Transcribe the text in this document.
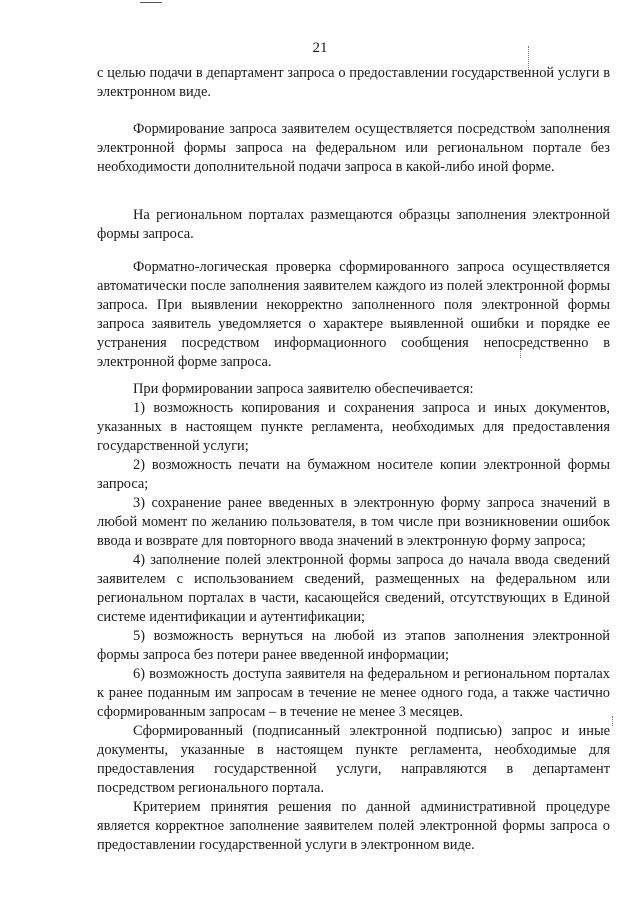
21

с целью подачи в департамент запроса о предоставлении государственной услуги в электронном виде.

Формирование запроса заявителем осуществляется посредством заполнения электронной формы запроса на федеральном или региональном портале без необходимости дополнительной подачи запроса в какой-либо иной форме.

На региональном порталах размещаются образцы заполнения электронной формы запроса.

Форматно-логическая проверка сформированного запроса осуществляется автоматически после заполнения заявителем каждого из полей электронной формы запроса. При выявлении некорректно заполненного поля электронной формы запроса заявитель уведомляется о характере выявленной ошибки и порядке ее устранения посредством информационного сообщения непосредственно в электронной форме запроса.

При формировании запроса заявителю обеспечивается:

1) возможность копирования и сохранения запроса и иных документов, указанных в настоящем пункте регламента, необходимых для предоставления государственной услуги;

2) возможность печати на бумажном носителе копии электронной формы запроса;

3) сохранение ранее введенных в электронную форму запроса значений в любой момент по желанию пользователя, в том числе при возникновении ошибок ввода и возврате для повторного ввода значений в электронную форму запроса;

4) заполнение полей электронной формы запроса до начала ввода сведений заявителем с использованием сведений, размещенных на федеральном или региональном порталах в части, касающейся сведений, отсутствующих в Единой системе идентификации и аутентификации;

5) возможность вернуться на любой из этапов заполнения электронной формы запроса без потери ранее введенной информации;

6) возможность доступа заявителя на федеральном и региональном порталах к ранее поданным им запросам в течение не менее одного года, а также частично сформированным запросам – в течение не менее 3 месяцев.

Сформированный (подписанный электронной подписью) запрос и иные документы, указанные в настоящем пункте регламента, необходимые для предоставления государственной услуги, направляются в департамент посредством регионального портала.

Критерием принятия решения по данной административной процедуре является корректное заполнение заявителем полей электронной формы запроса о предоставлении государственной услуги в электронном виде.
